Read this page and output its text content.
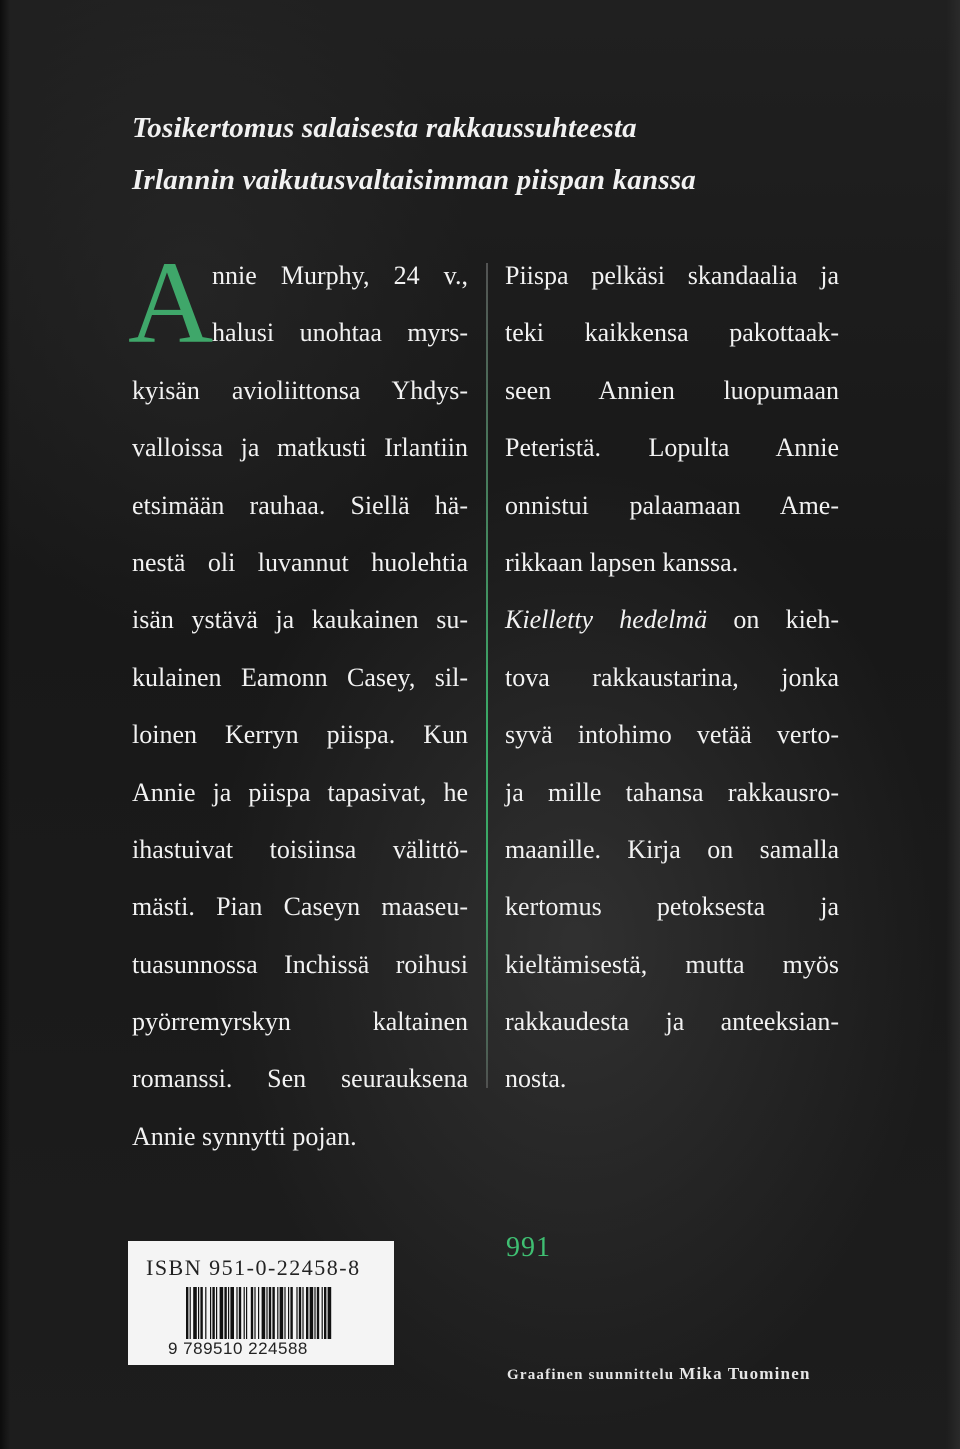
Tosikertomus salaisesta rakkaussuhteesta
Irlannin vaikutusvaltaisimman piispan kanssa
A
nnie Murphy, 24 v.,
halusi unohtaa myrs-
kyisän avioliittonsa Yhdys-
valloissa ja matkusti Irlantiin
etsimään rauhaa. Siellä hä-
nestä oli luvannut huolehtia
isän ystävä ja kaukainen su-
kulainen Eamonn Casey, sil-
loinen Kerryn piispa. Kun
Annie ja piispa tapasivat, he
ihastuivat toisiinsa välittö-
mästi. Pian Caseyn maaseu-
tuasunnossa Inchissä roihusi
pyörremyrskyn kaltainen
romanssi. Sen seurauksena
Annie synnytti pojan.
Piispa pelkäsi skandaalia ja
teki kaikkensa pakottaak-
seen Annien luopumaan
Peteristä. Lopulta Annie
onnistui palaamaan Ame-
rikkaan lapsen kanssa.
Kielletty hedelmä on kieh-
tova rakkaustarina, jonka
syvä intohimo vetää verto-
ja mille tahansa rakkausro-
maanille. Kirja on samalla
kertomus petoksesta ja
kieltämisestä, mutta myös
rakkaudesta ja anteeksian-
nosta.
991
ISBN 951-0-22458-8
9 789510 224588
Graafinen suunnittelu Mika Tuominen
